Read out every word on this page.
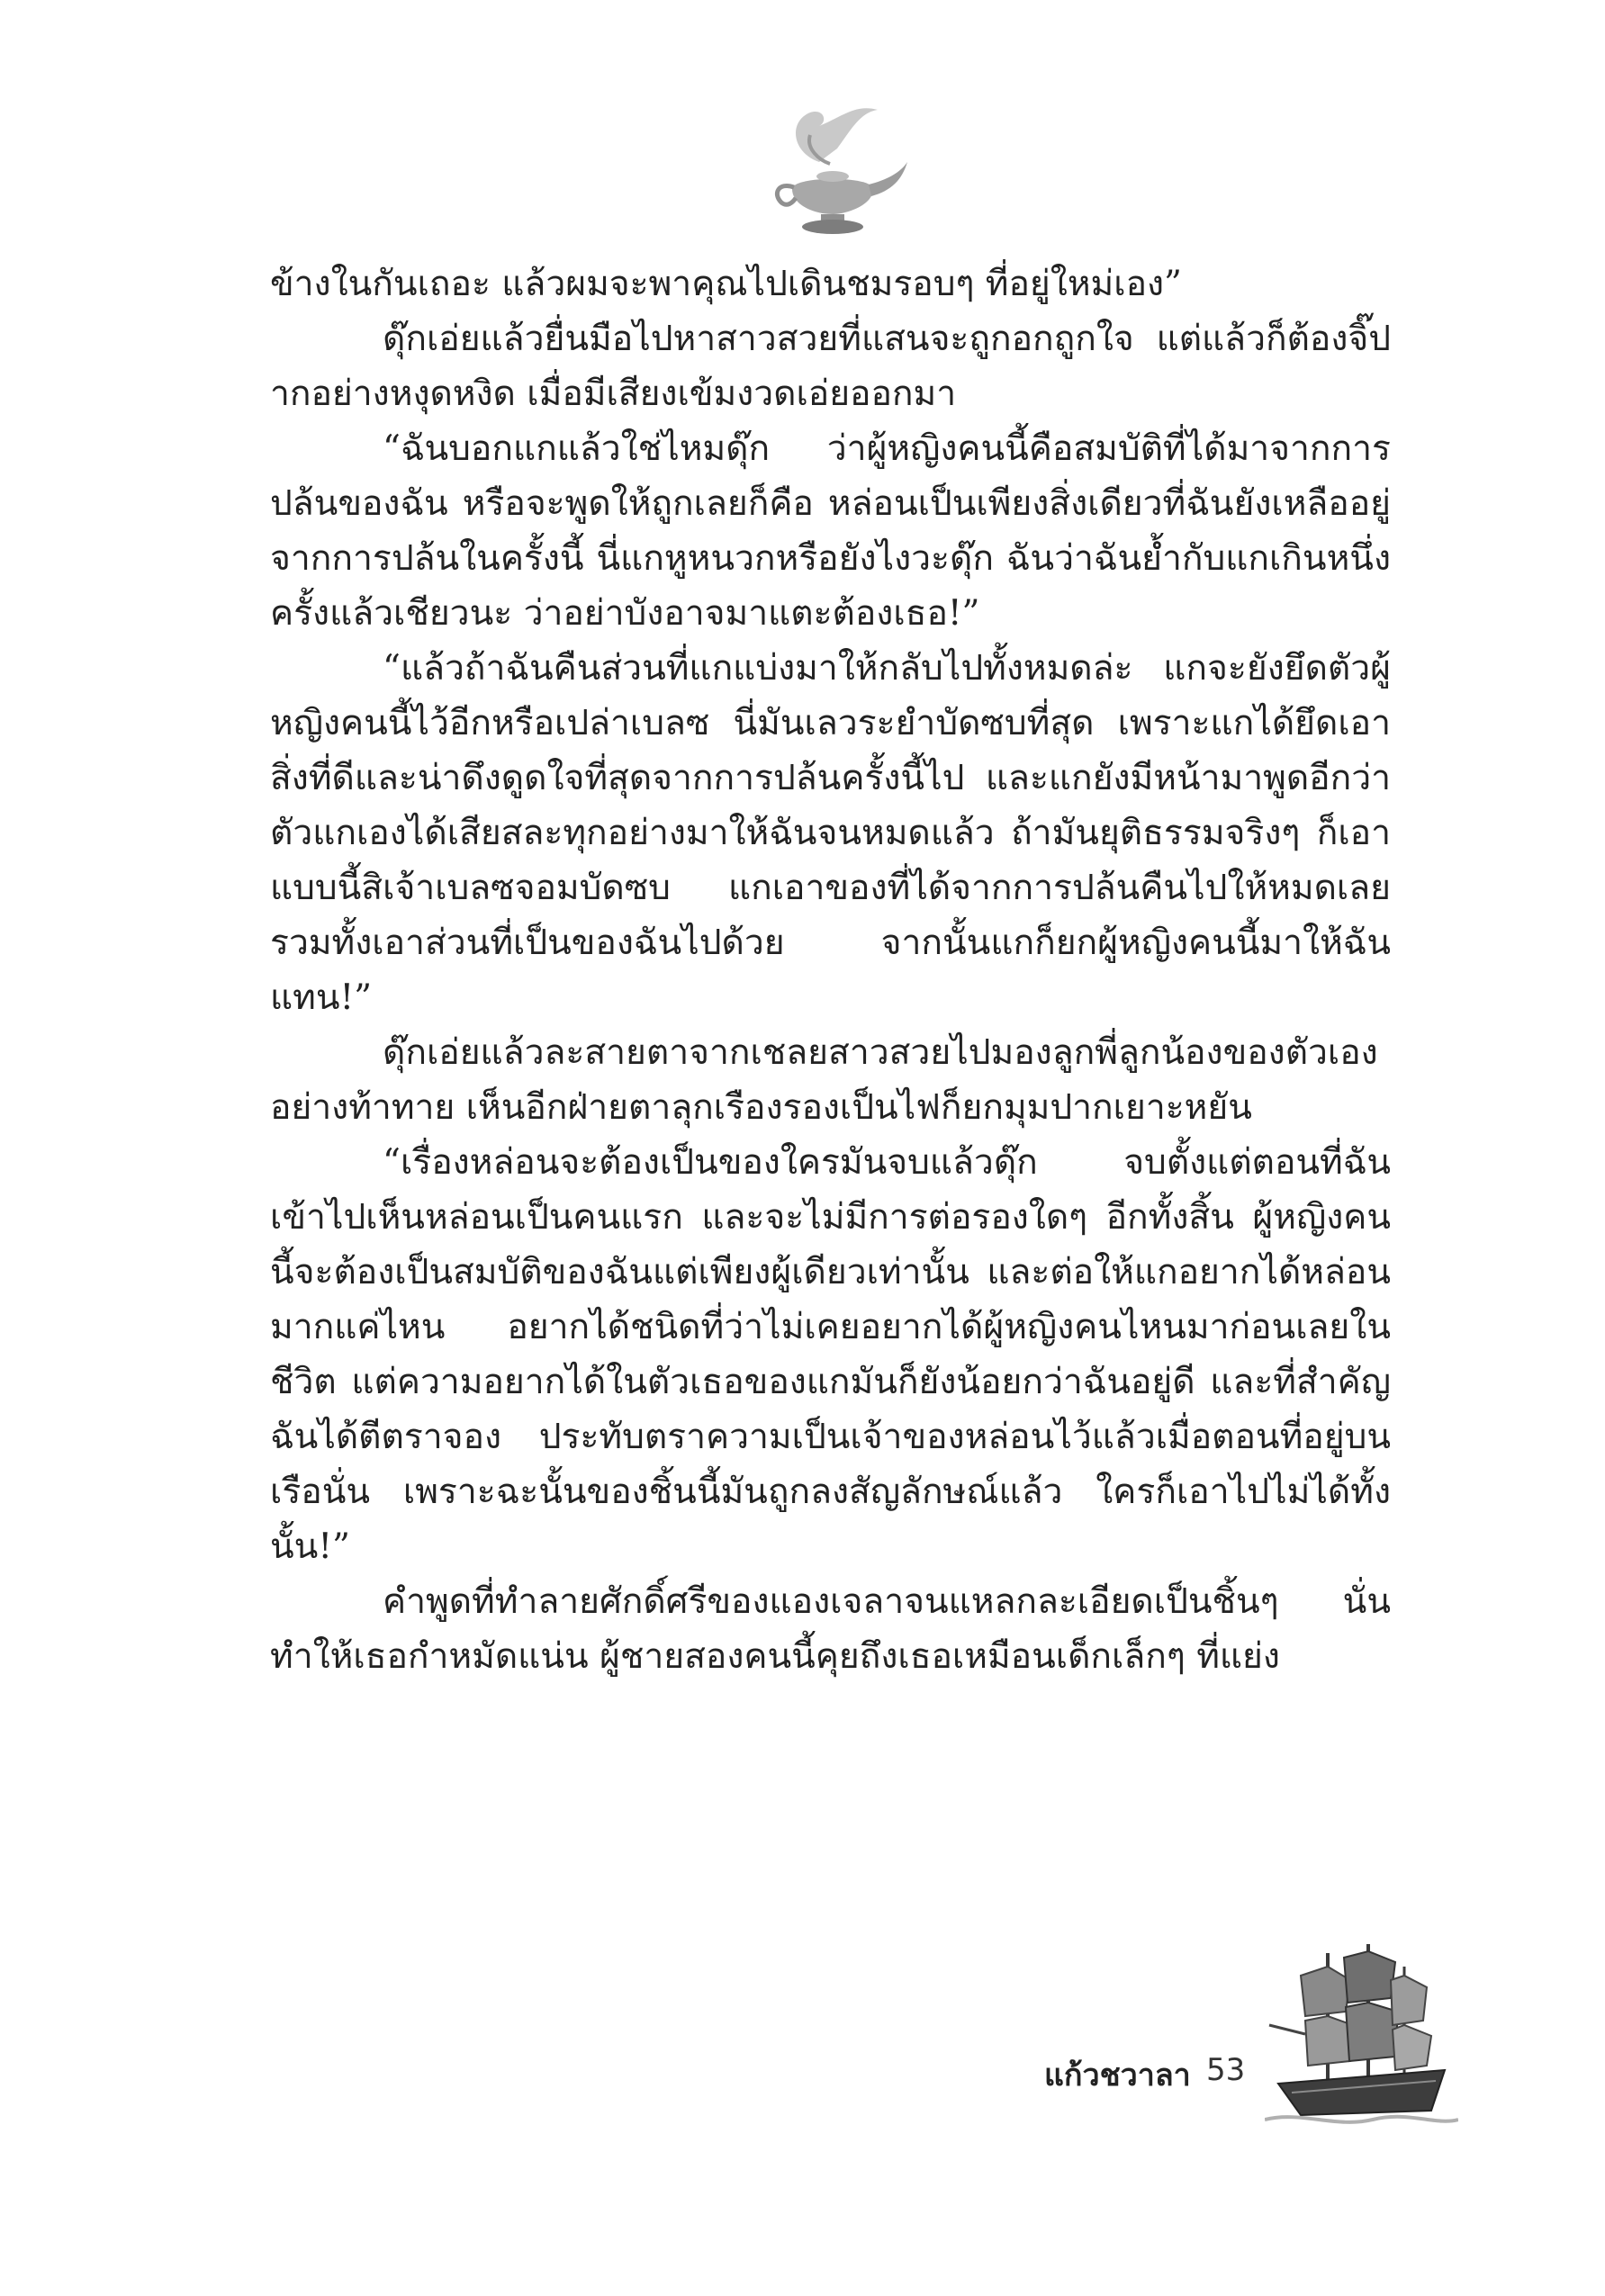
ข้างในกันเถอะ แล้วผมจะพาคุณไปเดินชมรอบๆ ที่อยู่ใหม่เอง”

ดุ๊กเอ่ยแล้วยื่นมือไปหาสาวสวยที่แสนจะถูกอกถูกใจ แต่แล้วก็ต้องจิ๊ปากอย่างหงุดหงิด เมื่อมีเสียงเข้มงวดเอ่ยออกมา

“ฉันบอกแกแล้วใช่ไหมดุ๊ก ว่าผู้หญิงคนนี้คือสมบัติที่ได้มาจากการปล้นของฉัน หรือจะพูดให้ถูกเลยก็คือ หล่อนเป็นเพียงสิ่งเดียวที่ฉันยังเหลืออยู่จากการปล้นในครั้งนี้ นี่แกหูหนวกหรือยังไงวะดุ๊ก ฉันว่าฉันย้ำกับแกเกินหนึ่งครั้งแล้วเชียวนะ ว่าอย่าบังอาจมาแตะต้องเธอ!”

“แล้วถ้าฉันคืนส่วนที่แกแบ่งมาให้กลับไปทั้งหมดล่ะ แกจะยังยึดตัวผู้หญิงคนนี้ไว้อีกหรือเปล่าเบลซ นี่มันเลวระยำบัดซบที่สุด เพราะแกได้ยึดเอาสิ่งที่ดีและน่าดึงดูดใจที่สุดจากการปล้นครั้งนี้ไป และแกยังมีหน้ามาพูดอีกว่าตัวแกเองได้เสียสละทุกอย่างมาให้ฉันจนหมดแล้ว ถ้ามันยุติธรรมจริงๆ ก็เอาแบบนี้สิเจ้าเบลซจอมบัดซบ แกเอาของที่ได้จากการปล้นคืนไปให้หมดเลย รวมทั้งเอาส่วนที่เป็นของฉันไปด้วย จากนั้นแกก็ยกผู้หญิงคนนี้มาให้ฉันแทน!”

ดุ๊กเอ่ยแล้วละสายตาจากเชลยสาวสวยไปมองลูกพี่ลูกน้องของตัวเองอย่างท้าทาย เห็นอีกฝ่ายตาลุกเรืองรองเป็นไฟก็ยกมุมปากเยาะหยัน

“เรื่องหล่อนจะต้องเป็นของใครมันจบแล้วดุ๊ก จบตั้งแต่ตอนที่ฉันเข้าไปเห็นหล่อนเป็นคนแรก และจะไม่มีการต่อรองใดๆ อีกทั้งสิ้น ผู้หญิงคนนี้จะต้องเป็นสมบัติของฉันแต่เพียงผู้เดียวเท่านั้น และต่อให้แกอยากได้หล่อนมากแค่ไหน อยากได้ชนิดที่ว่าไม่เคยอยากได้ผู้หญิงคนไหนมาก่อนเลยในชีวิต แต่ความอยากได้ในตัวเธอของแกมันก็ยังน้อยกว่าฉันอยู่ดี และที่สำคัญ ฉันได้ตีตราจอง ประทับตราความเป็นเจ้าของหล่อนไว้แล้วเมื่อตอนที่อยู่บนเรือนั่น เพราะฉะนั้นของชิ้นนี้มันถูกลงสัญลักษณ์แล้ว ใครก็เอาไปไม่ได้ทั้งนั้น!”

คำพูดที่ทำลายศักดิ์ศรีของแองเจลาจนแหลกละเอียดเป็นชิ้นๆ นั่นทำให้เธอกำหมัดแน่น ผู้ชายสองคนนี้คุยถึงเธอเหมือนเด็กเล็กๆ ที่แย่ง

แก้วชวาลา 53
